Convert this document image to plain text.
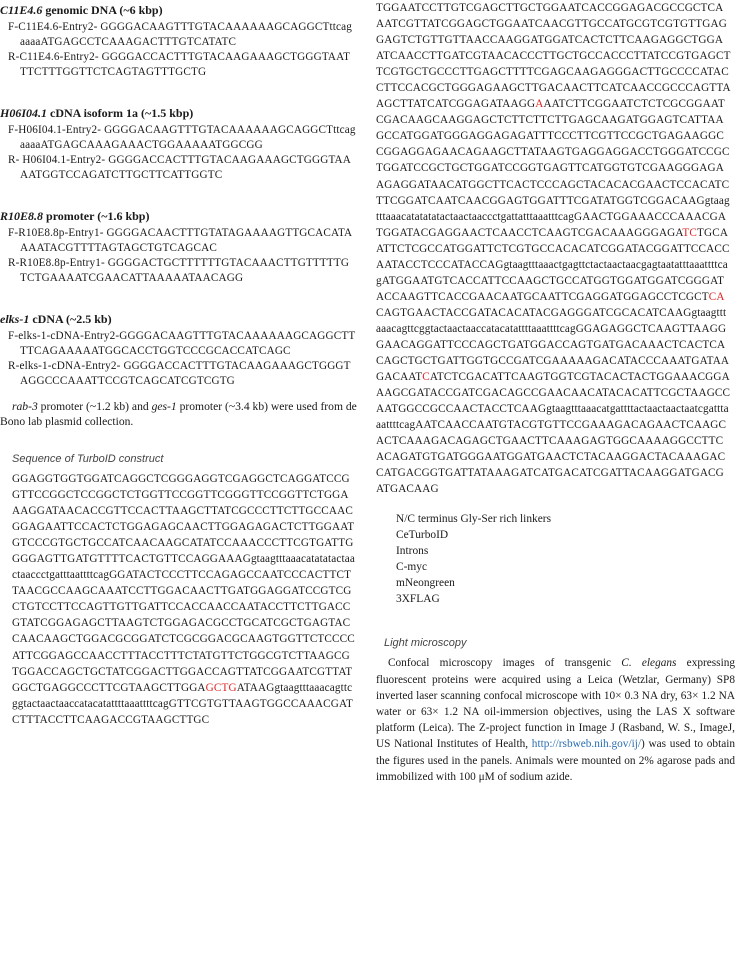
C11E4.6 genomic DNA (~6 kbp)

F-C11E4.6-Entry2- GGGGACAAGTTTGTACAAAAAAGCAGGCTttcagaaaaATGAGCCTCAAAGACTTTGTCATATC

R-C11E4.6-Entry2- GGGGACCACTTTGTACAAGAAAGCTGGGTAATTTCTTTGGTTCTCAGTAGTTTGCTG

H06I04.1 cDNA isoform 1a (~1.5 kbp)

F-H06I04.1-Entry2- GGGGACAAGTTTGTACAAAAAAGCAGGCTttcagaaaaATGAGCAAAGAAACTGGAAAAATGGCGG

R- H06I04.1-Entry2- GGGGACCACTTTGTACAAGAAAGCTGGGTAAAATGGTCCAGATCTTGCTTCATTGGTC

R10E8.8 promoter (~1.6 kbp)

F-R10E8.8p-Entry1- GGGGACAACTTTGTATAGAAAAGTTGCACATAAAATACGTTTTAGTAGCTGTCAGCAC

R-R10E8.8p-Entry1- GGGGACTGCTTTTTTGTACAAACTTGTTTTTGTCTGAAAATCGAACATTAAAAATAACAGG

elks-1 cDNA (~2.5 kb)

F-elks-1-cDNA-Entry2-GGGGACAAGTTTGTACAAAAAAGCAGGCTTTTCAGAAAAATGGCACCTGGTCCCGCACCATCAGC

R-elks-1-cDNA-Entry2- GGGGACCACTTTGTACAAGAAAGCTGGGTAGGCCCAAATTCCGTCAGCATCGTCGTG

rab-3 promoter (~1.2 kb) and ges-1 promoter (~3.4 kb) were used from de Bono lab plasmid collection.

Sequence of TurboID construct

GGAGGTGGTGGATCAGGCTCGGGAGGTCGAGGCTCAGGATCCGGTTCCGGCTCCGGCTCTGGTTCCGGTTCGGGTTCCGGTTCTGGAAAGGATAACACCGTTCCACTTAAGCTTATCGCCCTTCTTGCCAACGGAGAATTCCACTCTGGAGAGCAACTTGGAGAGACTCTTGGAATGTCCCGTGCTGCCATCAACAAGCATATCCAAACCCTTCGTGATTGGGGAGTTGATGTTTTCACTGTTCCAGGAAAGgtaagtttaaacatatatactaactaaccctgatttaattttcagGGATACTCCCTTCCAGAGCCAATCCCACTTCTTAACGCCAAGCAAATCCTTGGACAACTTGATGGAGGATCCGTCGCTGTCCTTCCAGTTGTTGATTCCACCAACCAATACCTTCTTGACCGTATCGGAGAGCTTAAGTCTGGAGACGCCTGCATCGCTGAGTACCAACAAGCTGGACGCGGATCTCGCGGACGCAAGTGGTTCTCCCCATTCGGAGCCAACCTTTACCTTTCTATGTTCTGGCGTCTTAAGCGTGGACCAGCTGCTATCGGACTTGGACCAGTTATCGGAATCGTTATGGCTGAGGCCCTTCGTAAGCTTGGAGCTGATAAGgtaagtttaaacagttcggtactaactaaccatacatattttaaattttcagGTTCGTGTTAAGTGGCCAAACGATCTTTACCTTCAAGACCGTAAGCTTGC

TGGAATCCTTGTCGAGCTTGCTGGAATCACCGGAGACGCCGCTCAAATCGTTATCGGAGCTGGAATCAACGTTGCCATGCGTCGTGTTGAGGAGTCTGTTGTTAACCAAGGATGGATCACTCTTCAAGAGGCTGGAATCAACCTTGATCGTAACACCCTTGCTGCCACCCTTATCCGTGAGCTTCGTGCTGCCCTTGAGCTTTTCGAGCAAGAGGGACTTGCCCCATACCTTCCACGCTGGGAGAAGCTTGACAACTTCATCAACCGCCCAGTTAAGCTTATCATCGGAGATAAGGAAATCTTCGGAATCTCTCGCGGAATCGACAAGCAAGGAGCTCTTCTTCTTGAGCAAGATGGAGTCATTAAGCCATGGATGGGAGGAGAGATTTCCCTTCGTTCCGCTGAGAAGGCCGGAGGAGAACAGAAGCTTATAAGTGAGGAGGACCTGGGATCCGCTGGATCCGCTGCTGGATCCGGTGAGTTCATGGTGTCGAAGGGAGAAGAGGATAACATGGCTTCACTCCCAGCTACACACGAACTCCACATCTTCGGATCAATCAACGGAGTGGATTTCGATATGGTCGGACAAGgtaagtttaaacatatatatactaactaaccctgattatttaaatttcagGAACTGGAAACCCAAACGATGGATACGAGGAACTCAACCTCAAGTCGACAAAGGGAGATCTGCAATTCTCGCCATGGATTCTCGTGCCACACATCGGATACGGATTCCACCAATACCTCCCATACCAGgtaagtttaaactgagttctactaactaacgagtaatatttaaattttcagATGGAATGTCACCATTCCAAGCTGCCATGGTGGATGGATCGGGATACCAAGTTCACCGAACAATGCAATTCGAGGATGGAGCCTCGCTCACAGTGAACTACCGATACACATACGAGGGATCGCACATCAAGgtaagtttaaacagttcggtactaactaaccatacatattttaaattttcagGGAGAGGCTCAAGTTAAGGGAACAGGATTCCCAGCTGATGGACCAGTGATGACAAACTCACTCACAGCTGCTGATTGGTGCCGATCGAAAAAGACATACCCAAATGATAAGACAATCATCTCGACATTCAAGTGGTCGTACACTACTGGAAACGGAAAGCGATACCGATCGACAGCCGAACAACATACACATTCGCTAAGCCAATGGCCGCCAACTACCTCAAGgtaagtttaaacatgattttactaactaactaatcgatttaaattttcagAATCAACCAATGTACGTGTTCCGAAAGACAGAACTCAAGCACTCAAAGACAGAGCTGAACTTCAAAGAGTGGCAAAAGGCCTTCACAGATGTGATGGGAATGGATGAACTCTACAAGGACTACAAAGACCATGACGGTGATTATAAAGATCATGACATCGATTACAAGGATGACGATGACAAG

N/C terminus Gly-Ser rich linkers
CeTurboID
Introns
C-myc
mNeongreen
3XFLAG

Light microscopy

Confocal microscopy images of transgenic C. elegans expressing fluorescent proteins were acquired using a Leica (Wetzlar, Germany) SP8 inverted laser scanning confocal microscope with 10× 0.3 NA dry, 63× 1.2 NA water or 63× 1.2 NA oil-immersion objectives, using the LAS X software platform (Leica). The Z-project function in Image J (Rasband, W. S., ImageJ, US National Institutes of Health, http://rsbweb.nih.gov/ij/) was used to obtain the figures used in the panels. Animals were mounted on 2% agarose pads and immobilized with 100 μM of sodium azide.
